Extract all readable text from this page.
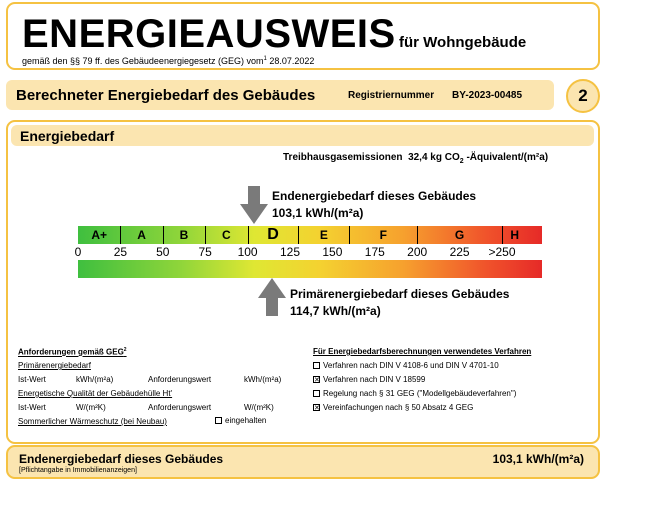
ENERGIEAUSWEIS für Wohngebäude
gemäß den §§ 79 ff. des Gebäudeenergiegesetz (GEG) vom$^1$ 28.07.2022
Berechneter Energiebedarf des Gebäudes	Registriernummer BY-2023-00485	2
Energiebedarf
Treibhausgasemissionen 32,4 kg $CO_2$ -Äquivalent/(m²a)
Endenergiebedarf dieses Gebäudes
103,1 kWh/(m²a)
A+	A	B	C	D	E	F	G	H
0	25	50	75	100	125	150	175	200	225	>250
Primärenergiebedarf dieses Gebäudes
114,7 kWh/(m²a)
Anforderungen gemäß GEG$^2$
Primärenergiebedarf
Ist-Wert	kWh/(m²a)	Anforderungswert	kWh/(m²a)
Energetische Qualität der Gebäudehülle Ht'
Ist-Wert	W/(m²K)	Anforderungswert	W/(m²K)
Sommerlicher Wärmeschutz (bei Neubau)	eingehalten
Für Energiebedarfsberechnungen verwendetes Verfahren
Verfahren nach DIN V 4108-6 und DIN V 4701-10
✕ Verfahren nach DIN V 18599
Regelung nach § 31 GEG ("Modellgebäudeverfahren")
✕ Vereinfachungen nach § 50 Absatz 4 GEG
Endenergiebedarf dieses Gebäudes	103,1 kWh/(m²a)
[Pflichtangabe in Immobilienanzeigen]
